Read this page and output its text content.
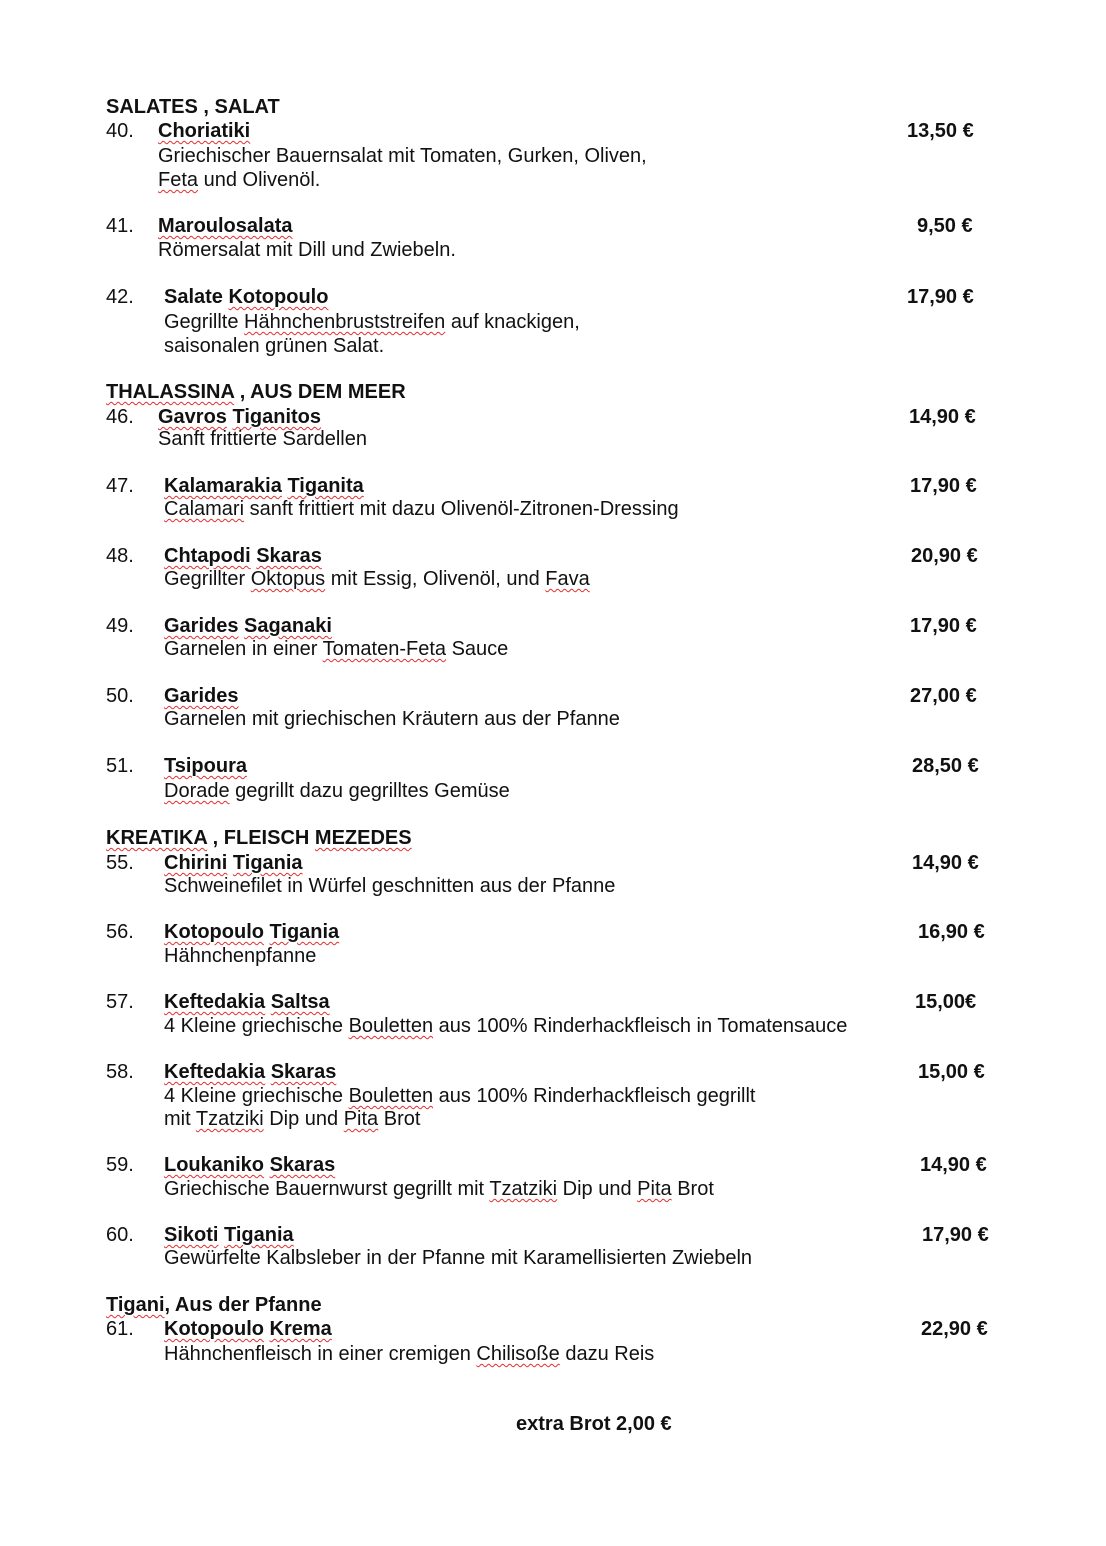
SALATES , SALAT
40. Choriatiki	13,50 €
Griechischer Bauernsalat mit Tomaten, Gurken, Oliven,
Feta und Olivenöl.
41. Maroulosalata	9,50 €
Römersalat mit Dill und Zwiebeln.
42. Salate Kotopoulo	17,90 €
Gegrillte Hähnchenbruststreifen auf knackigen,
saisonalen grünen Salat.
THALASSINA , AUS DEM MEER
46. Gavros Tiganitos	14,90 €
Sanft frittierte Sardellen
47. Kalamarakia Tiganita	17,90 €
Calamari sanft frittiert mit dazu Olivenöl-Zitronen-Dressing
48. Chtapodi Skaras	20,90 €
Gegrillter Oktopus mit Essig, Olivenöl, und Fava
49. Garides Saganaki	17,90 €
Garnelen in einer Tomaten-Feta Sauce
50. Garides	27,00 €
Garnelen mit griechischen Kräutern aus der Pfanne
51. Tsipoura	28,50 €
Dorade gegrillt dazu gegrilltes Gemüse
KREATIKA , FLEISCH MEZEDES
55. Chirini Tigania	14,90 €
Schweinefilet in Würfel geschnitten aus der Pfanne
56. Kotopoulo Tigania	16,90 €
Hähnchenpfanne
57. Keftedakia Saltsa	15,00€
4 Kleine griechische Bouletten aus 100% Rinderhackfleisch in Tomatensauce
58. Keftedakia Skaras	15,00 €
4 Kleine griechische Bouletten aus 100% Rinderhackfleisch gegrillt
mit Tzatziki Dip und Pita Brot
59. Loukaniko Skaras	14,90 €
Griechische Bauernwurst gegrillt mit Tzatziki Dip und Pita Brot
60. Sikoti Tigania	17,90 €
Gewürfelte Kalbsleber in der Pfanne mit Karamellisierten Zwiebeln
Tigani, Aus der Pfanne
61. Kotopoulo Krema	22,90 €
Hähnchenfleisch in einer cremigen Chilisoße dazu Reis
extra Brot 2,00 €
